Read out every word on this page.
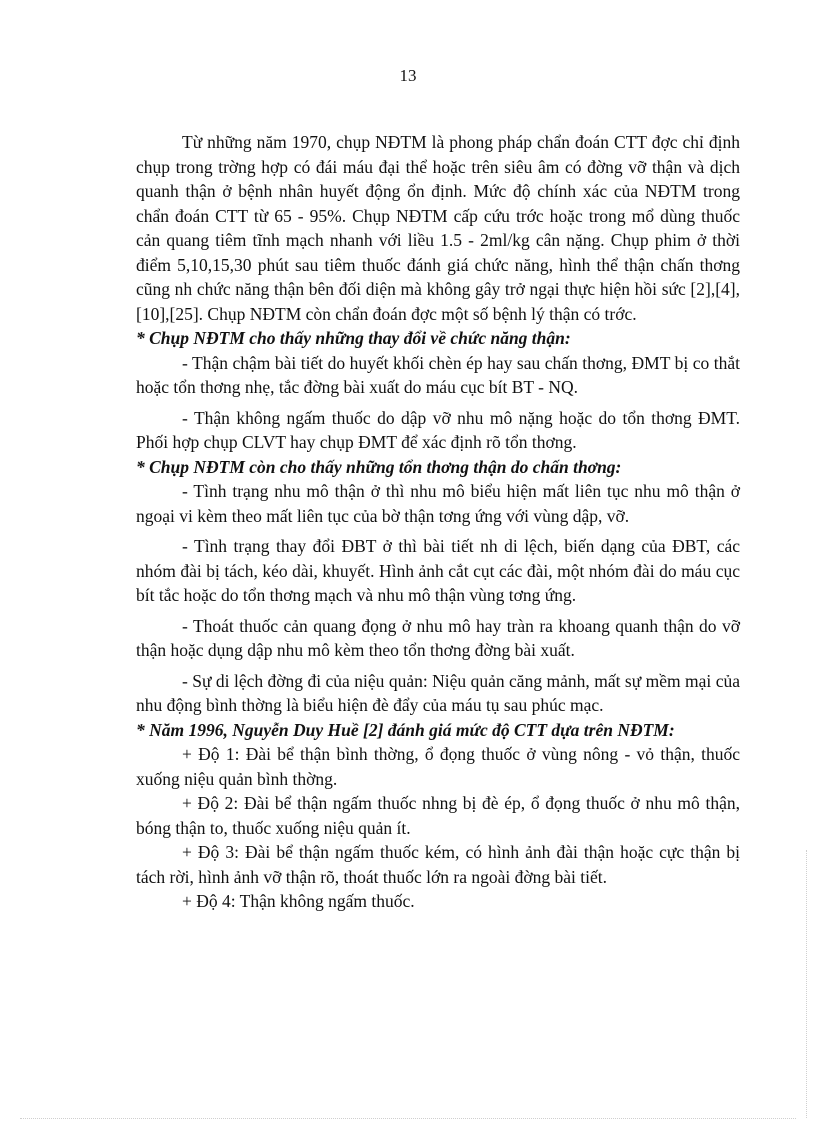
13

Từ những năm 1970, chụp NĐTM là phong pháp chẩn đoán CTT đợc chỉ định chụp trong trờng hợp có đái máu đại thể hoặc trên siêu âm có đờng vỡ thận và dịch quanh thận ở bệnh nhân huyết động ổn định. Mức độ chính xác của NĐTM trong chẩn đoán CTT từ 65 - 95%. Chụp NĐTM cấp cứu trớc hoặc trong mổ dùng thuốc cản quang tiêm tĩnh mạch nhanh với liều 1.5 - 2ml/kg cân nặng. Chụp phim ở thời điểm 5,10,15,30 phút sau tiêm thuốc đánh giá chức năng, hình thể thận chấn thơng cũng nh chức năng thận bên đối diện mà không gây trở ngại thực hiện hồi sức [2],[4],[10],[25]. Chụp NĐTM còn chẩn đoán đợc một số bệnh lý thận có trớc.

* Chụp NĐTM cho thấy những thay đổi về chức năng thận:

- Thận chậm bài tiết do huyết khối chèn ép hay sau chấn thơng, ĐMT bị co thắt hoặc tổn thơng nhẹ, tắc đờng bài xuất do máu cục bít BT - NQ.

- Thận không ngấm thuốc do dập vỡ nhu mô nặng hoặc do tổn thơng ĐMT. Phối hợp chụp CLVT hay chụp ĐMT để xác định rõ tổn thơng.

* Chụp NĐTM còn cho thấy những tổn thơng thận do chấn thơng:

- Tình trạng nhu mô thận ở thì nhu mô biểu hiện mất liên tục nhu mô thận ở ngoại vi kèm theo mất liên tục của bờ thận tơng ứng với vùng dập, vỡ.

- Tình trạng thay đổi ĐBT ở thì bài tiết nh di lệch, biến dạng của ĐBT, các nhóm đài bị tách, kéo dài, khuyết. Hình ảnh cắt cụt các đài, một nhóm đài do máu cục bít tắc hoặc do tổn thơng mạch và nhu mô thận vùng tơng ứng.

- Thoát thuốc cản quang đọng ở nhu mô hay tràn ra khoang quanh thận do vỡ thận hoặc dụng dập nhu mô kèm theo tổn thơng đờng bài xuất.

- Sự di lệch đờng đi của niệu quản: Niệu quản căng mảnh, mất sự mềm mại của nhu động bình thờng là biểu hiện đè đẩy của máu tụ sau phúc mạc.

* Năm 1996, Nguyễn Duy Huề [2] đánh giá mức độ CTT dựa trên NĐTM:

+ Độ 1: Đài bể thận bình thờng, ổ đọng thuốc ở vùng nông - vỏ thận, thuốc xuống niệu quản bình thờng.

+ Độ 2: Đài bể thận ngấm thuốc nhng bị đè ép, ổ đọng thuốc ở nhu mô thận, bóng thận to, thuốc xuống niệu quản ít.

+ Độ 3: Đài bể thận ngấm thuốc kém, có hình ảnh đài thận hoặc cực thận bị tách rời, hình ảnh vỡ thận rõ, thoát thuốc lớn ra ngoài đờng bài tiết.

+ Độ 4: Thận không ngấm thuốc.
